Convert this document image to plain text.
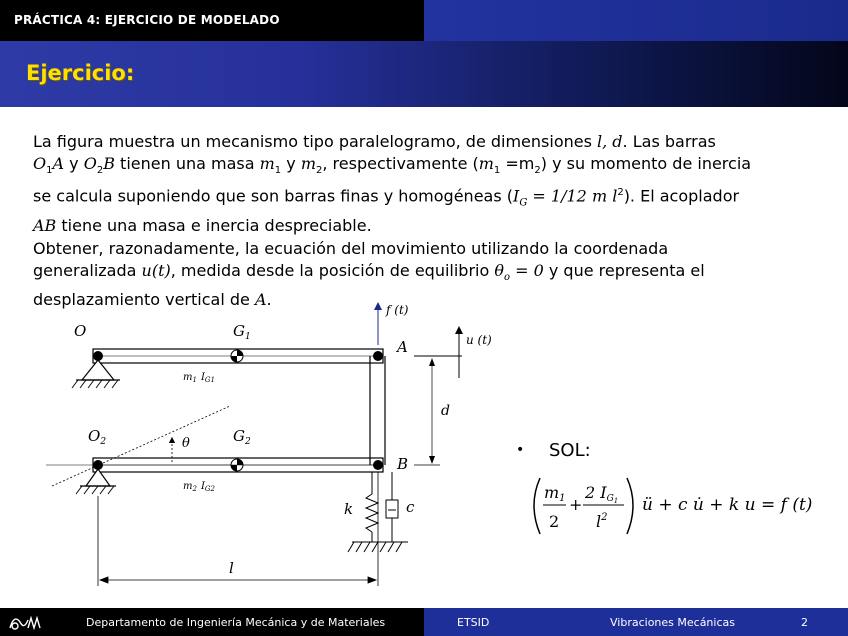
PRÁCTICA 4: EJERCICIO DE MODELADO
Ejercicio:
La figura muestra un mecanismo tipo paralelogramo, de dimensiones l, d. Las barras
$O_1A$ y $O_2B$ tienen una masa $m_1$ y $m_2$, respectivamente $(m_1 =m_2)$ y su momento de inercia
se calcula suponiendo que son barras finas y homogéneas ($I_G = 1/12$ m $l^2$). El acoplador
AB tiene una masa e inercia despreciable.
Obtener, razonadamente, la ecuación del movimiento utilizando la coordenada
generalizada u(t), medida desde la posición de equilibrio $\theta_o = 0$ y que representa el
desplazamiento vertical de A.
O	$G_1$
A
f (t)
u (t)
$m_1$ $I_{G1}$
d
$O_2$	θ	$G_2$
B
$m_2$ $I_{G2}$
k	c
l
m1
2
+
2 IG1
$l^2$
ü + c u̇ + k u = f (t)
• SOL:
Departamento de Ingeniería Mecánica y de Materiales	ETSID	Vibraciones Mecánicas	2
